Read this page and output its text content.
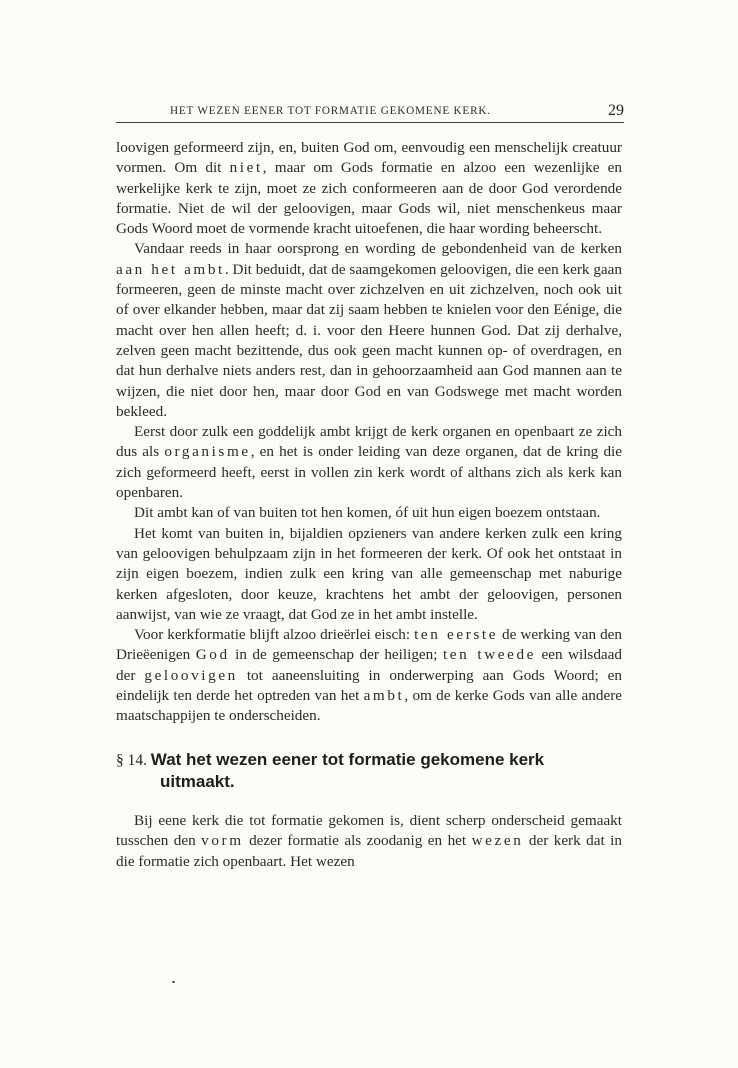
HET WEZEN EENER TOT FORMATIE GEKOMENE KERK.	29

loovigen geformeerd zijn, en, buiten God om, eenvoudig een menschelijk creatuur vormen. Om dit niet, maar om Gods formatie en alzoo een wezenlijke en werkelijke kerk te zijn, moet ze zich conformeeren aan de door God verordende formatie. Niet de wil der geloovigen, maar Gods wil, niet menschenkeus maar Gods Woord moet de vormende kracht uitoefenen, die haar wording beheerscht.

Vandaar reeds in haar oorsprong en wording de gebondenheid van de kerken aan het ambt. Dit beduidt, dat de saamgekomen geloovigen, die een kerk gaan formeeren, geen de minste macht over zichzelven en uit zichzelven, noch ook uit of over elkander hebben, maar dat zij saam hebben te knielen voor den Eénige, die macht over hen allen heeft; d. i. voor den Heere hunnen God. Dat zij derhalve, zelven geen macht bezittende, dus ook geen macht kunnen op- of overdragen, en dat hun derhalve niets anders rest, dan in gehoorzaamheid aan God mannen aan te wijzen, die niet door hen, maar door God en van Godswege met macht worden bekleed.

Eerst door zulk een goddelijk ambt krijgt de kerk organen en openbaart ze zich dus als organisme, en het is onder leiding van deze organen, dat de kring die zich geformeerd heeft, eerst in vollen zin kerk wordt of althans zich als kerk kan openbaren.

Dit ambt kan of van buiten tot hen komen, óf uit hun eigen boezem ontstaan.

Het komt van buiten in, bijaldien opzieners van andere kerken zulk een kring van geloovigen behulpzaam zijn in het formeeren der kerk. Of ook het ontstaat in zijn eigen boezem, indien zulk een kring van alle gemeenschap met naburige kerken afgesloten, door keuze, krachtens het ambt der geloovigen, personen aanwijst, van wie ze vraagt, dat God ze in het ambt instelle.

Voor kerkformatie blijft alzoo drieërlei eisch: ten eerste de werking van den Drieëenigen God in de gemeenschap der heiligen; ten tweede een wilsdaad der geloovigen tot aaneensluiting in onderwerping aan Gods Woord; en eindelijk ten derde het optreden van het ambt, om de kerke Gods van alle andere maatschappijen te onderscheiden.

§ 14. Wat het wezen eener tot formatie gekomene kerk
uitmaakt.

Bij eene kerk die tot formatie gekomen is, dient scherp onderscheid gemaakt tusschen den vorm dezer formatie als zoodanig en het wezen der kerk dat in die formatie zich openbaart. Het wezen
